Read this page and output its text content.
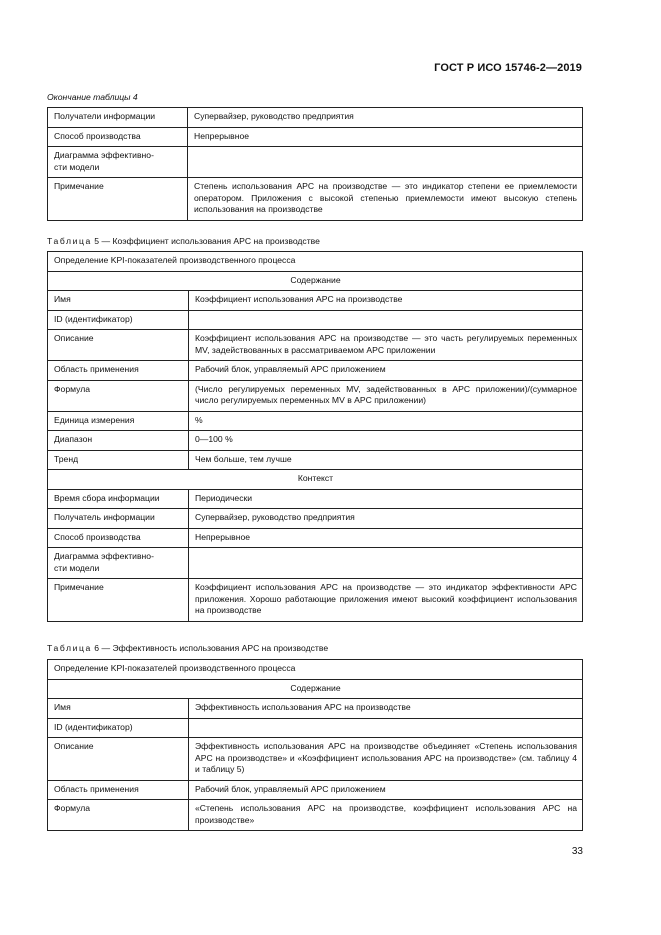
ГОСТ Р ИСО 15746-2—2019
Окончание таблицы 4
Получатели информации	Супервайзер, руководство предприятия
Способ производства	Непрерывное
Диаграмма эффективно-
сти модели	
Примечание	Степень использования APC на производстве — это индикатор степени ее приемлемости оператором. Приложения с высокой степенью приемлемости имеют высокую степень использования на производстве
Таблица 5 — Коэффициент использования APC на производстве
Определение KPI-показателей производственного процесса	
Содержание	
Имя	Коэффициент использования APC на производстве
ID (идентификатор)	
Описание	Коэффициент использования APC на производстве — это часть регулируемых переменных MV, задействованных в рассматриваемом APC приложении
Область применения	Рабочий блок, управляемый APC приложением
Формула	(Число регулируемых переменных MV, задействованных в APC приложении)/(суммарное число регулируемых переменных MV в APC приложении)
Единица измерения	%
Диапазон	0—100 %
Тренд	Чем больше, тем лучше
Контекст	
Время сбора информации	Периодически
Получатель информации	Супервайзер, руководство предприятия
Способ производства	Непрерывное
Диаграмма эффективно-
сти модели	
Примечание	Коэффициент использования APC на производстве — это индикатор эффективности APC приложения. Хорошо работающие приложения имеют высокий коэффициент использования на производстве
Таблица 6 — Эффективность использования APC на производстве
Определение KPI-показателей производственного процесса	
Содержание	
Имя	Эффективность использования APC на производстве
ID (идентификатор)	
Описание	Эффективность использования APC на производстве объединяет «Степень использования APC на производстве» и «Коэффициент использования APC на производстве» (см. таблицу 4 и таблицу 5)
Область применения	Рабочий блок, управляемый APC приложением
Формула	«Степень использования APC на производстве, коэффициент использования APC на производстве»
33
